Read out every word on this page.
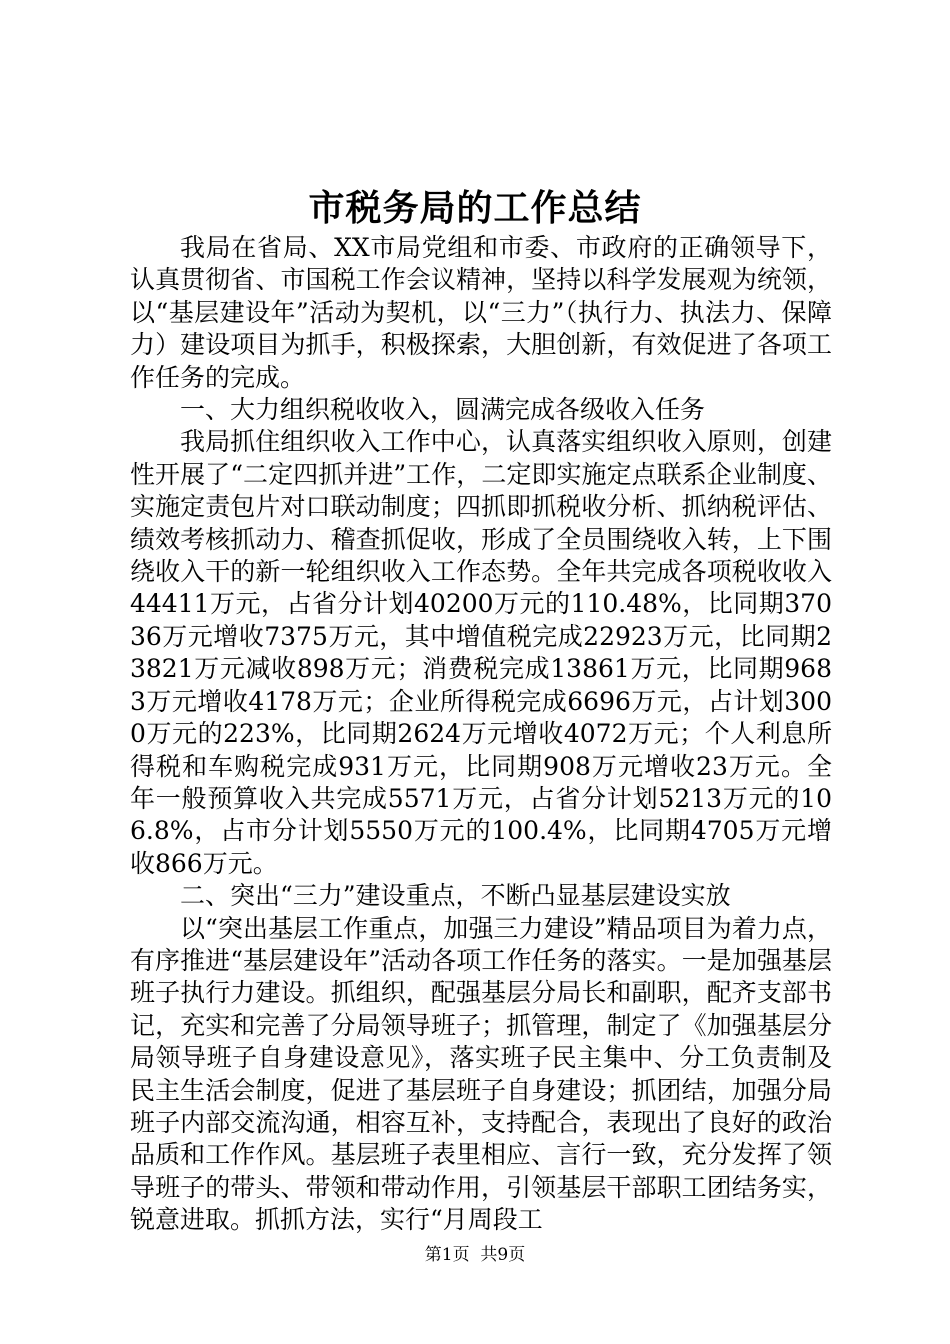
市税务局的工作总结

我局在省局、XX市局党组和市委、市政府的正确领导下，认真贯彻省、市国税工作会议精神，坚持以科学发展观为统领，以“基层建设年”活动为契机，以“三力”（执行力、执法力、保障力）建设项目为抓手，积极探索，大胆创新，有效促进了各项工作任务的完成。

一、大力组织税收收入，圆满完成各级收入任务

我局抓住组织收入工作中心，认真落实组织收入原则，创建性开展了“二定四抓并进”工作，二定即实施定点联系企业制度、实施定责包片对口联动制度；四抓即抓税收分析、抓纳税评估、绩效考核抓动力、稽查抓促收，形成了全员围绕收入转，上下围绕收入干的新一轮组织收入工作态势。全年共完成各项税收收入44411万元，占省分计划40200万元的110.48%，比同期37036万元增收7375万元，其中增值税完成22923万元，比同期23821万元减收898万元；消费税完成13861万元，比同期9683万元增收4178万元；企业所得税完成6696万元，占计划3000万元的223%，比同期2624万元增收4072万元；个人利息所得税和车购税完成931万元，比同期908万元增收23万元。全年一般预算收入共完成5571万元，占省分计划5213万元的106.8%，占市分计划5550万元的100.4%，比同期4705万元增收866万元。

二、突出“三力”建设重点，不断凸显基层建设实放

以“突出基层工作重点，加强三力建设”精品项目为着力点，有序推进“基层建设年”活动各项工作任务的落实。一是加强基层班子执行力建设。抓组织，配强基层分局长和副职，配齐支部书记，充实和完善了分局领导班子；抓管理，制定了《加强基层分局领导班子自身建设意见》，落实班子民主集中、分工负责制及民主生活会制度，促进了基层班子自身建设；抓团结，加强分局班子内部交流沟通，相容互补，支持配合，表现出了良好的政治品质和工作作风。基层班子表里相应、言行一致，充分发挥了领导班子的带头、带领和带动作用，引领基层干部职工团结务实，锐意进取。抓抓方法，实行“月周段工

第1页 共9页
